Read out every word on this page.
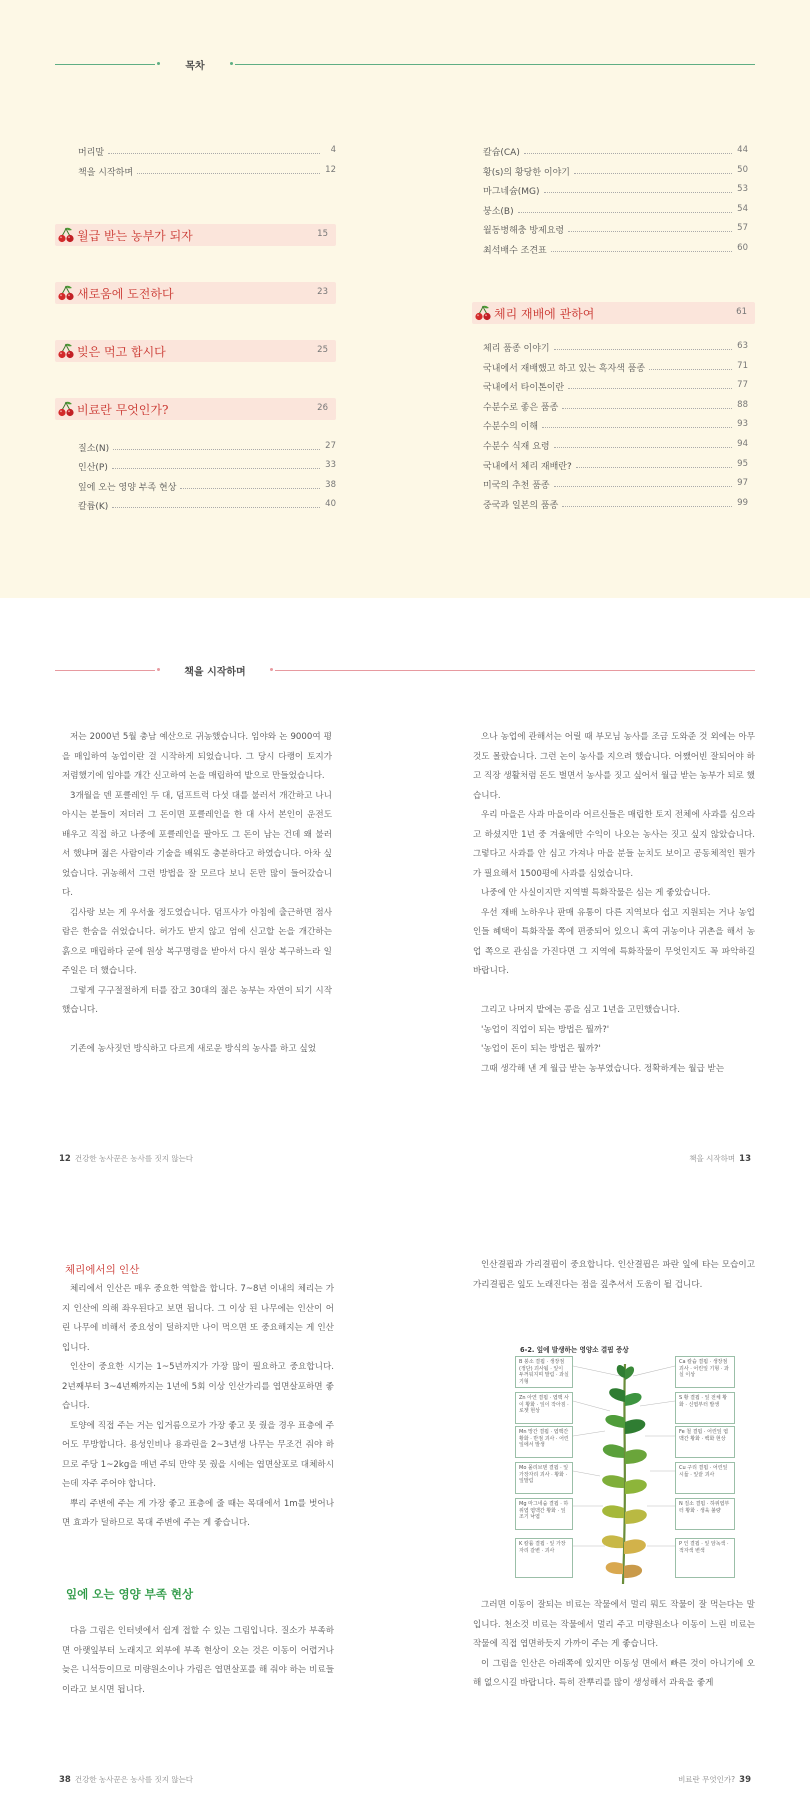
목차
머리말	4
책을 시작하며	12
월급 받는 농부가 되자	15
새로움에 도전하다	23
빚은 먹고 합시다	25
비료란 무엇인가?	26
질소(N)	27
인산(P)	33
잎에 오는 영양 부족 현상	38
칼륨(K)	40
칼슘(CA)	44
황(s)의 황당한 이야기	50
마그네슘(MG)	53
붕소(B)	54
월동병해충 방제요령	57
최석배수 조견표	60
체리 재배에 관하여	61
체리 품종 이야기	63
국내에서 재배했고 하고 있는 흑자색 품종	71
국내에서 타이톤이란	77
수분수로 좋은 품종	88
수분수의 이해	93
수분수 식재 요령	94
국내에서 체리 재배란?	95
미국의 추천 품종	97
중국과 일본의 품종	99
책을 시작하며

저는 2000년 5월 충남 예산으로 귀농했습니다. 임야와 논 9000여 평을 매입하여 농업이란 걸 시작하게 되었습니다. 그 당시 다랭이 토지가 저렴했기에 임야를 개간 신고하여 논을 매립하여 밭으로 만들었습니다.

3개월을 덴 포클레인 두 대, 덤프트럭 다섯 대를 불러서 개간하고 나니 아시는 분들이 저더러 그 돈이면 포클레인을 한 대 사서 본인이 운전도 배우고 직접 하고 나중에 포클레인을 팔아도 그 돈이 남는 건데 왜 불러서 했냐며 젊은 사람이라 기술을 배워도 충분하다고 하였습니다. 아차 싶었습니다. 귀농해서 그런 방법을 잘 모르다 보니 돈만 많이 들어갔습니다.

김사랑 보는 게 우서울 정도였습니다. 덤프사가 아침에 출근하면 점사람은 한숨을 쉬었습니다. 허가도 받지 않고 엄에 신고할 논을 개간하는 흙으로 매립하다 굳에 원상 복구명령을 받아서 다시 원상 복구하느라 일주일은 더 했습니다.

그렇게 구구절절하게 터를 잡고 30대의 젊은 농부는 자연이 되기 시작했습니다.

기존에 농사짓던 방식하고 다르게 새로운 방식의 농사를 하고 싶었

으나 농업에 관해서는 어릴 때 부모님 농사를 조금 도와준 것 외에는 아무것도 몰랐습니다. 그런 논이 농사를 지으려 했습니다. 어쨌어빈 잘되어야 하고 직장 생활처럼 돈도 벌면서 농사를 짓고 싶어서 월급 받는 농부가 되로 했습니다.

우리 마을은 사과 마을이라 어르신들은 매립한 토지 전체에 사과를 심으라고 하셨지만 1년 중 겨울에만 수익이 나오는 농사는 짓고 싶지 않았습니다. 그렇다고 사과를 안 심고 가져나 마을 분들 눈치도 보이고 공동체적인 뭔가가 필요해서 1500평에 사과를 심었습니다.

나중에 안 사실이지만 지역별 특화작물은 심는 게 좋았습니다.

우선 재배 노하우나 판매 유통이 다른 지역보다 쉽고 지원되는 거나 농업인들 혜택이 특화작물 쪽에 편중되어 있으니 혹여 귀농이나 귀촌을 해서 농업 쪽으로 관심을 가진다면 그 지역에 특화작물이 무엇인지도 꼭 파악하길 바랍니다.

그리고 나머지 밭에는 콩을 심고 1년을 고민했습니다.

'농업이 직업이 되는 방법은 뭘까?'

'농업이 돈이 되는 방법은 뭘까?'

그때 생각해 낸 게 월급 받는 농부였습니다. 정확하게는 월급 받는

12 건강한 농사꾼은 농사를 짓지 않는다	책을 시작하며 13
체리에서의 인산

체리에서 인산은 매우 중요한 역할을 합니다. 7~8년 이내의 체리는 가지 인산에 의해 좌우된다고 보면 됩니다. 그 이상 된 나무에는 인산이 어린 나무에 비해서 중요성이 덜하지만 나이 먹으면 또 중요해지는 게 인산입니다.

인산이 중요한 시기는 1~5년까지가 가장 많이 필요하고 중요합니다. 2년째부터 3~4년째까지는 1년에 5회 이상 인산가리를 엽면살포하면 좋습니다.

토양에 직접 주는 거는 입거름으로가 가장 좋고 못 줬을 경우 표층에 주어도 무방합니다. 용성인비나 용과린을 2~3년생 나무는 무조건 줘야 하므로 주당 1~2kg을 매년 주되 만약 못 줬을 시에는 엽면살포로 대체하시는데 자주 주어야 합니다.

뿌리 주변에 주는 게 가장 좋고 표층에 줄 때는 목대에서 1m를 벗어나면 효과가 덜하므로 목대 주변에 주는 게 좋습니다.

잎에 오는 영양 부족 현상

다음 그림은 인터넷에서 쉽게 접할 수 있는 그림입니다. 질소가 부족하면 아랫잎부터 노래지고 외부에 부족 현상이 오는 것은 이동이 어렵거나 늦은 니석등이므로 미량원소이나 가림은 엽면살포를 해 줘야 하는 비료들이라고 보시면 됩니다.

인산결핍과 가리결핍이 중요합니다. 인산결핍은 파란 잎에 타는 모습이고 가리결핍은 잎도 노래진다는 점을 짚추셔서 도움이 될 겁니다.

6-2. 잎에 발생하는 영양소 결핍 증상
B 붕소 결핍 · 생장점(정단) 괴사됨 · 잎이 두꺼워지며 말림 · 과실 기형
Zn 아연 결핍 · 엽맥 사이 황화 · 잎이 작아짐 · 로젯 현상
Mn 망간 결핍 · 엽맥간 황화 · 반점 괴사 · 어린잎에서 발생
Mo 몰리브덴 결핍 · 잎 가장자리 괴사 · 황화 · 잎말림
Mg 마그네슘 결핍 · 하위엽 엽맥간 황화 · 잎 조기 낙엽
K 칼륨 결핍 · 잎 가장자리 갈변 · 괴사
Ca 칼슘 결핍 · 생장점 괴사 · 어린잎 기형 · 과실 이상
S 황 결핍 · 잎 전체 황화 · 신엽부터 발생
Fe 철 결핍 · 어린잎 엽맥간 황화 · 백화 현상
Cu 구리 결핍 · 어린잎 시듦 · 잎끝 괴사
N 질소 결핍 · 하위엽부터 황화 · 생육 불량
P 인 결핍 · 잎 암녹색 · 적자색 변색

그러면 이동이 잘되는 비료는 작물에서 멀리 뭐도 작물이 잘 먹는다는 말입니다. 천소것 비료는 작물에서 멀리 주고 미량원소나 이동이 느린 비료는 작물에 직접 엽면하듯지 가까이 주는 게 좋습니다.

이 그림을 인산은 아래쪽에 있지만 이동성 면에서 빠른 것이 아니기에 오해 없으시길 바랍니다. 특히 잔뿌리를 많이 생성해서 과육을 좋게

38 건강한 농사꾼은 농사를 짓지 않는다	비료란 무엇인가? 39
